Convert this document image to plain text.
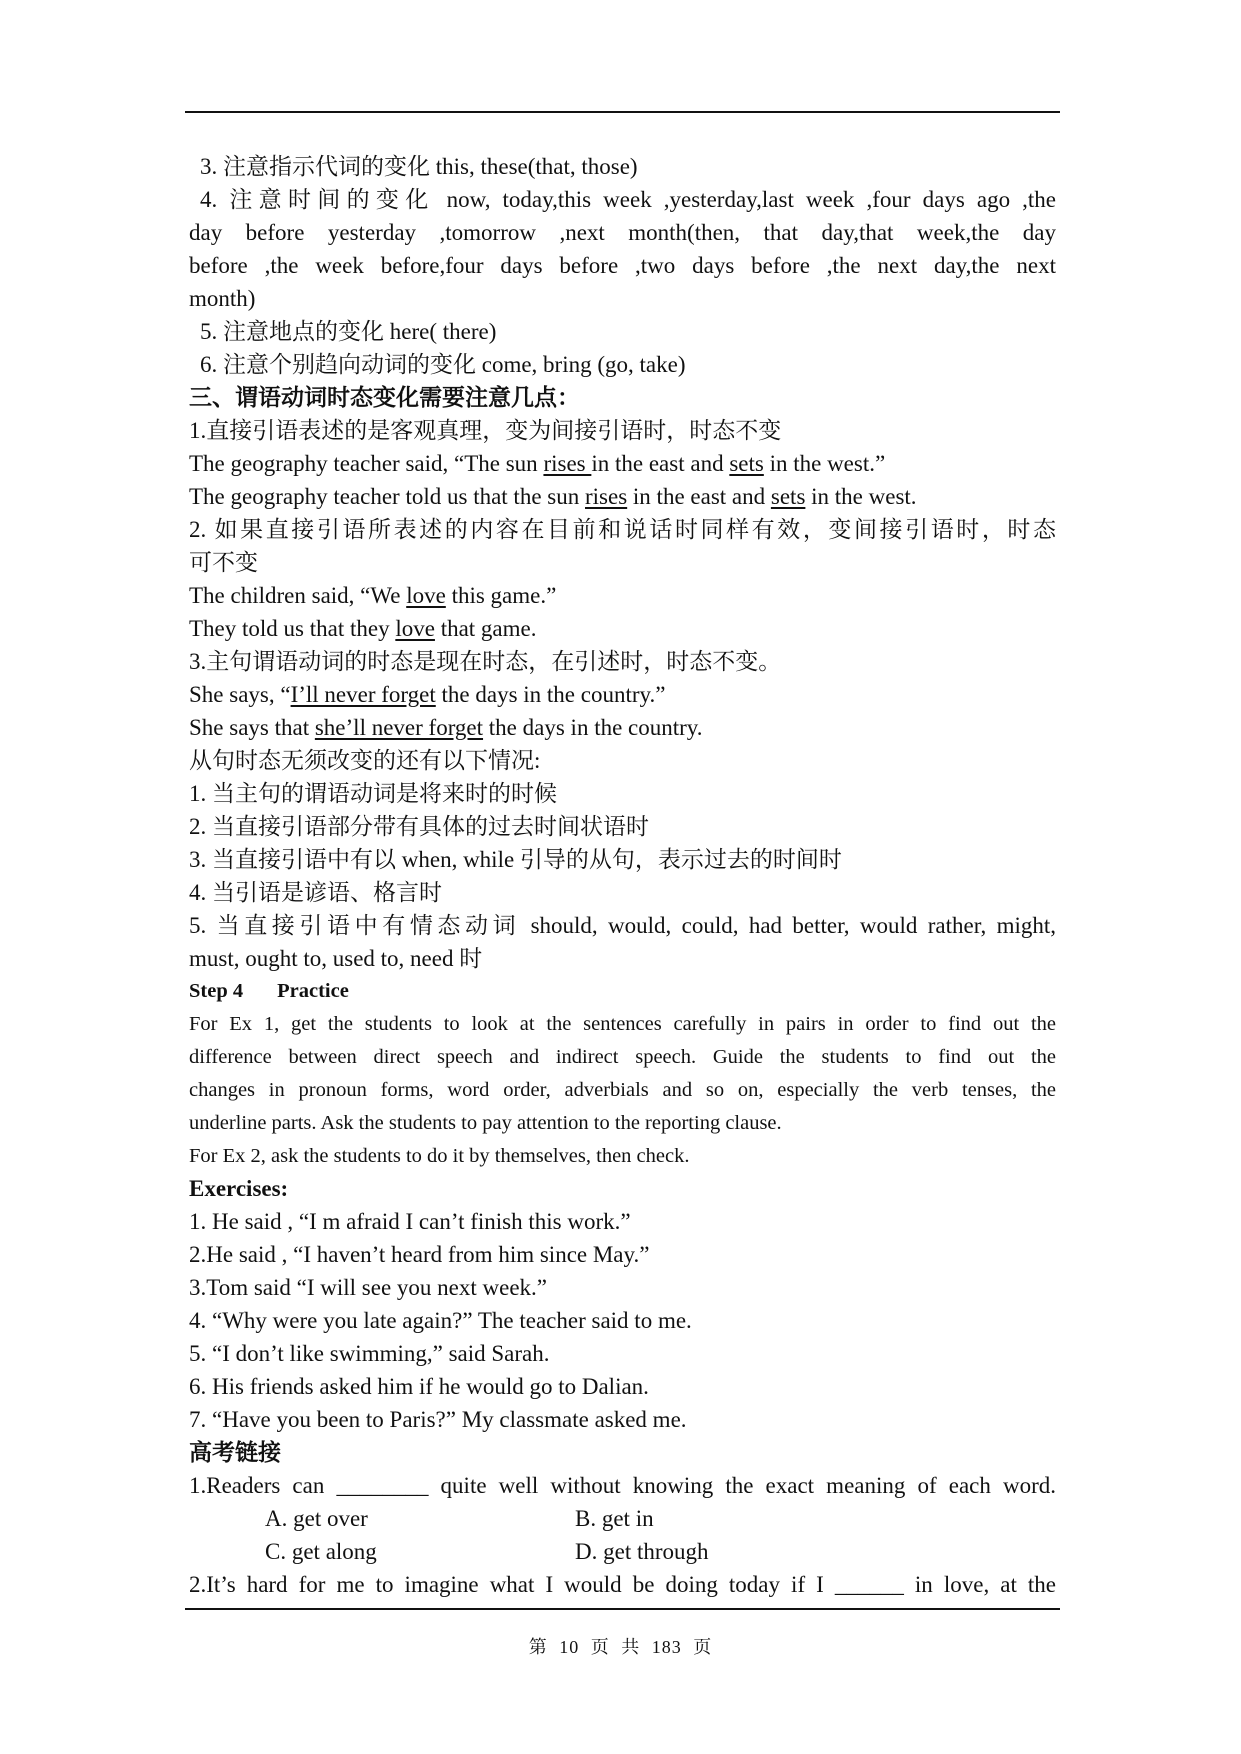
3. 注意指示代词的变化 this, these(that, those)
4. 注意时间的变化 now, today,this week ,yesterday,last week ,four days ago ,the
day before yesterday ,tomorrow ,next month(then, that day,that week,the day
before ,the week before,four days before ,two days before ,the next day,the next
month)
5. 注意地点的变化 here( there)
6. 注意个别趋向动词的变化 come, bring (go, take)
三、谓语动词时态变化需要注意几点：
1.直接引语表述的是客观真理，变为间接引语时，时态不变
The geography teacher said, “The sun rises in the east and sets in the west.”
The geography teacher told us that the sun rises in the east and sets in the west.
2. 如果直接引语所表述的内容在目前和说话时同样有效，变间接引语时，时态
可不变
The children said, “We love this game.”
They told us that they love that game.
3.主句谓语动词的时态是现在时态，在引述时，时态不变。
She says, “I’ll never forget the days in the country.”
She says that she’ll never forget the days in the country.
从句时态无须改变的还有以下情况:
1. 当主句的谓语动词是将来时的时候
2. 当直接引语部分带有具体的过去时间状语时
3. 当直接引语中有以 when, while 引导的从句，表示过去的时间时
4. 当引语是谚语、格言时
5. 当直接引语中有情态动词 should, would, could, had better, would rather, might,
must, ought to, used to, need 时
Step 4 Practice
For Ex 1, get the students to look at the sentences carefully in pairs in order to find out the
difference between direct speech and indirect speech. Guide the students to find out the
changes in pronoun forms, word order, adverbials and so on, especially the verb tenses, the
underline parts. Ask the students to pay attention to the reporting clause.
For Ex 2, ask the students to do it by themselves, then check.
Exercises:
1. He said , “I m afraid I can’t finish this work.”
2.He said , “I haven’t heard from him since May.”
3.Tom said “I will see you next week.”
4. “Why were you late again?” The teacher said to me.
5. “I don’t like swimming,” said Sarah.
6. His friends asked him if he would go to Dalian.
7. “Have you been to Paris?” My classmate asked me.
高考链接
1.Readers can ________ quite well without knowing the exact meaning of each word.
A. get over	B. get in
C. get along	D. get through
2.It’s hard for me to imagine what I would be doing today if I ______ in love, at the
第 10 页 共 183 页
